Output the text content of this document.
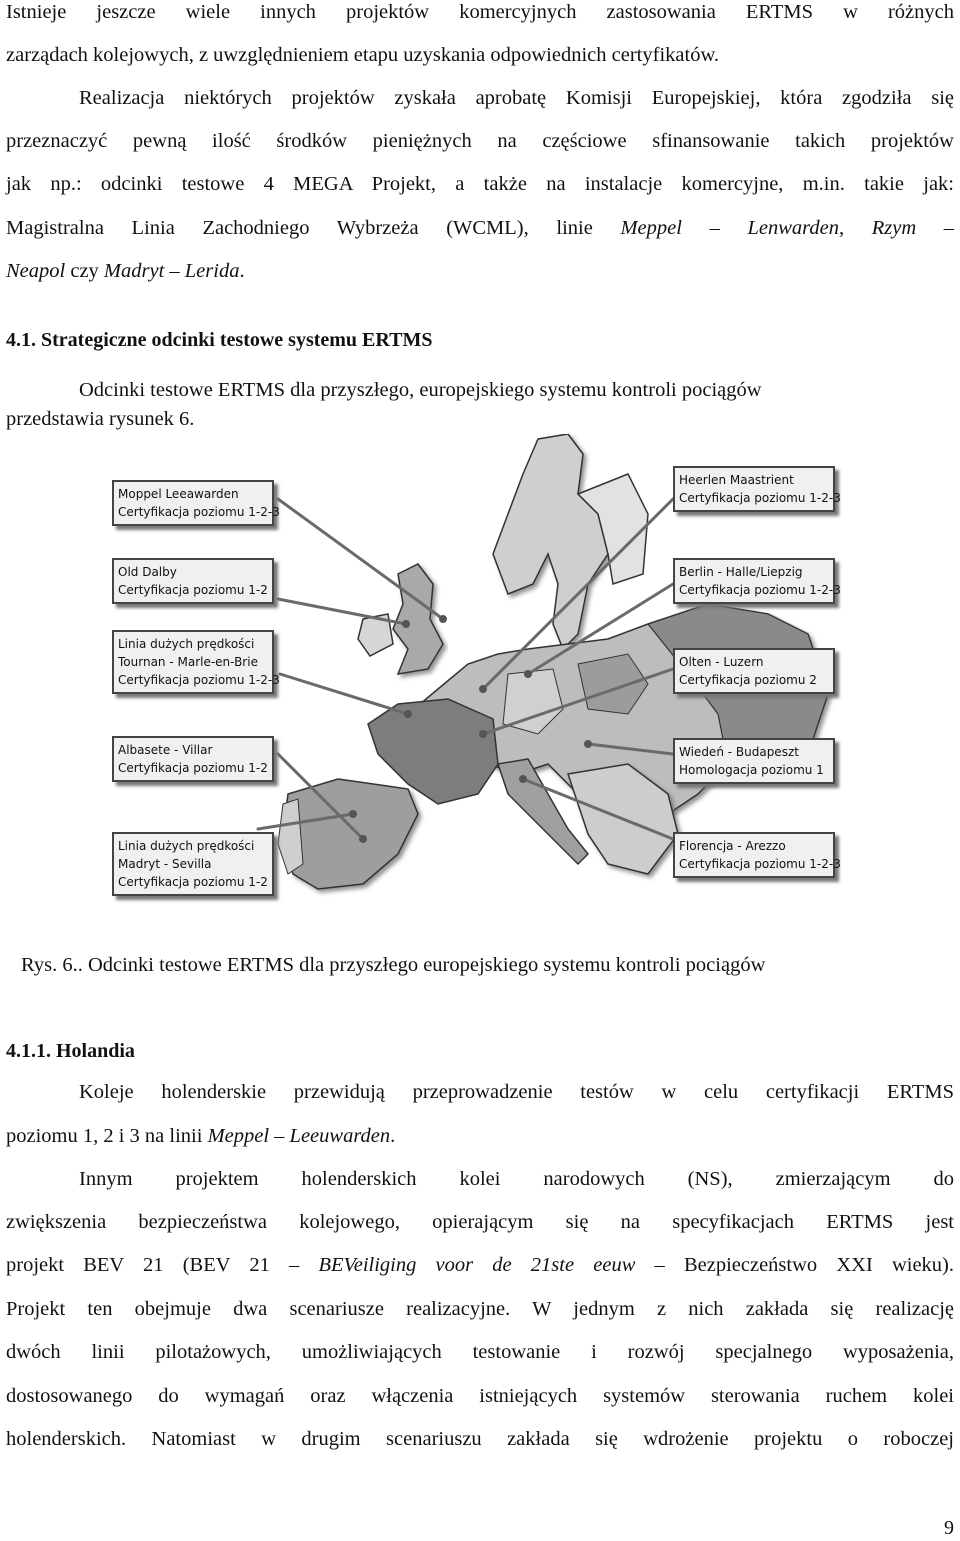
Istnieje jeszcze wiele innych projektów komercyjnych zastosowania ERTMS w różnych
zarządach kolejowych, z uwzględnieniem etapu uzyskania odpowiednich certyfikatów.
Realizacja niektórych projektów zyskała aprobatę Komisji Europejskiej, która zgodziła się
przeznaczyć pewną ilość środków pieniężnych na częściowe sfinansowanie takich projektów
jak np.: odcinki testowe 4 MEGA Projekt, a także na instalacje komercyjne, m.in. takie jak:
Magistralna Linia Zachodniego Wybrzeża (WCML), linie Meppel – Lenwarden, Rzym –
Neapol czy Madryt – Lerida.
4.1. Strategiczne odcinki testowe systemu ERTMS
Odcinki testowe ERTMS dla przyszłego, europejskiego systemu kontroli pociągów
przedstawia rysunek 6.
Moppel Leeawarden
Certyfikacja poziomu 1-2-3
Old Dalby
Certyfikacja poziomu 1-2
Linia dużych prędkości
Tournan - Marle-en-Brie
Certyfikacja poziomu 1-2-3
Albasete - Villar
Certyfikacja poziomu 1-2
Linia dużych prędkości
Madryt - Sevilla
Certyfikacja poziomu 1-2
Heerlen Maastrient
Certyfikacja poziomu 1-2-3
Berlin - Halle/Liepzig
Certyfikacja poziomu 1-2-3
Olten - Luzern
Certyfikacja poziomu 2
Wiedeń - Budapeszt
Homologacja poziomu 1
Florencja - Arezzo
Certyfikacja poziomu 1-2-3
Rys. 6.. Odcinki testowe ERTMS dla przyszłego europejskiego systemu kontroli pociągów
4.1.1. Holandia
Koleje holenderskie przewidują przeprowadzenie testów w celu certyfikacji ERTMS
poziomu 1, 2 i 3 na linii Meppel – Leeuwarden.
Innym projektem holenderskich kolei narodowych (NS), zmierzającym do
zwiększenia bezpieczeństwa kolejowego, opierającym się na specyfikacjach ERTMS jest
projekt BEV 21 (BEV 21 – BEVeiliging voor de 21ste eeuw – Bezpieczeństwo XXI wieku).
Projekt ten obejmuje dwa scenariusze realizacyjne. W jednym z nich zakłada się realizację
dwóch linii pilotażowych, umożliwiających testowanie i rozwój specjalnego wyposażenia,
dostosowanego do wymagań oraz włączenia istniejących systemów sterowania ruchem kolei
holenderskich. Natomiast w drugim scenariuszu zakłada się wdrożenie projektu o roboczej
9
